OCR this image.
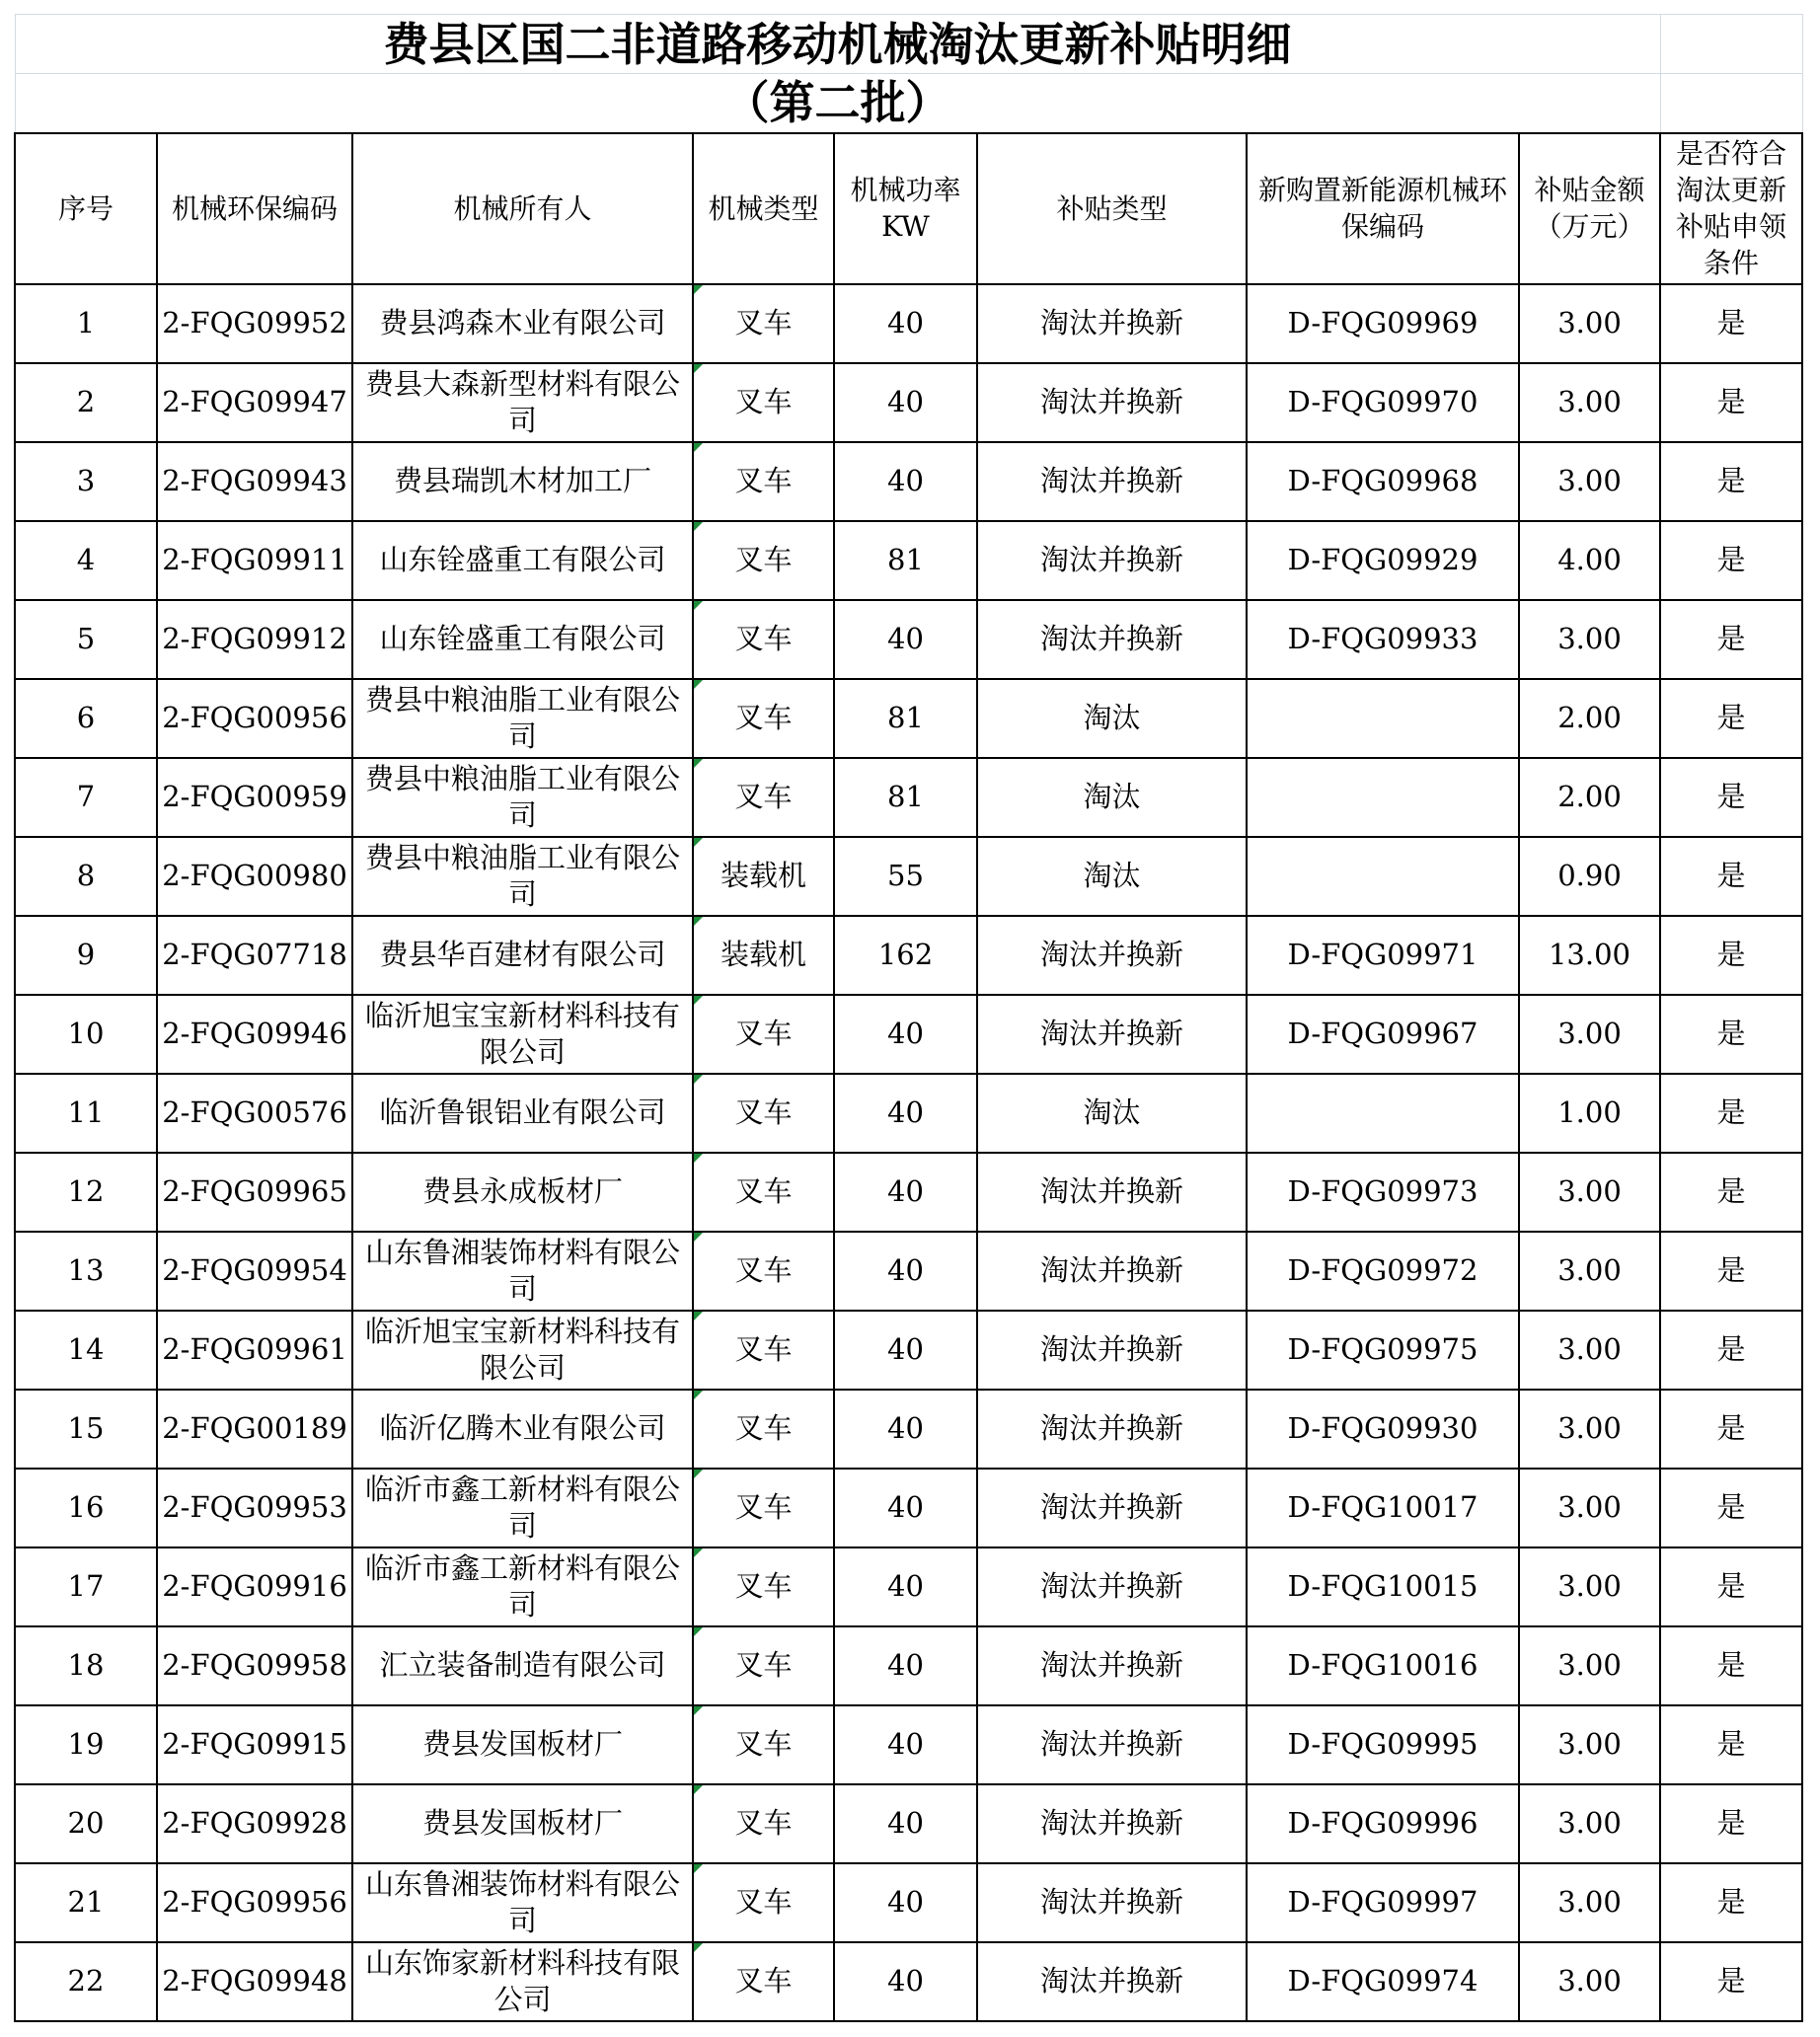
费县区国二非道路移动机械淘汰更新补贴明细								
（第二批）								
序号	机械环保编码	机械所有人	机械类型	机械功率KW	补贴类型	新购置新能源机械环保编码	补贴金额（万元）	是否符合淘汰更新补贴申领条件
1	2-FQG09952	费县鸿森木业有限公司	叉车	40	淘汰并换新	D-FQG09969	3.00	是
2	2-FQG09947	费县大森新型材料有限公司	叉车	40	淘汰并换新	D-FQG09970	3.00	是
3	2-FQG09943	费县瑞凯木材加工厂	叉车	40	淘汰并换新	D-FQG09968	3.00	是
4	2-FQG09911	山东铨盛重工有限公司	叉车	81	淘汰并换新	D-FQG09929	4.00	是
5	2-FQG09912	山东铨盛重工有限公司	叉车	40	淘汰并换新	D-FQG09933	3.00	是
6	2-FQG00956	费县中粮油脂工业有限公司	叉车	81	淘汰		2.00	是
7	2-FQG00959	费县中粮油脂工业有限公司	叉车	81	淘汰		2.00	是
8	2-FQG00980	费县中粮油脂工业有限公司	装载机	55	淘汰		0.90	是
9	2-FQG07718	费县华百建材有限公司	装载机	162	淘汰并换新	D-FQG09971	13.00	是
10	2-FQG09946	临沂旭宝宝新材料科技有限公司	叉车	40	淘汰并换新	D-FQG09967	3.00	是
11	2-FQG00576	临沂鲁银铝业有限公司	叉车	40	淘汰		1.00	是
12	2-FQG09965	费县永成板材厂	叉车	40	淘汰并换新	D-FQG09973	3.00	是
13	2-FQG09954	山东鲁湘装饰材料有限公司	叉车	40	淘汰并换新	D-FQG09972	3.00	是
14	2-FQG09961	临沂旭宝宝新材料科技有限公司	叉车	40	淘汰并换新	D-FQG09975	3.00	是
15	2-FQG00189	临沂亿腾木业有限公司	叉车	40	淘汰并换新	D-FQG09930	3.00	是
16	2-FQG09953	临沂市鑫工新材料有限公司	叉车	40	淘汰并换新	D-FQG10017	3.00	是
17	2-FQG09916	临沂市鑫工新材料有限公司	叉车	40	淘汰并换新	D-FQG10015	3.00	是
18	2-FQG09958	汇立装备制造有限公司	叉车	40	淘汰并换新	D-FQG10016	3.00	是
19	2-FQG09915	费县发国板材厂	叉车	40	淘汰并换新	D-FQG09995	3.00	是
20	2-FQG09928	费县发国板材厂	叉车	40	淘汰并换新	D-FQG09996	3.00	是
21	2-FQG09956	山东鲁湘装饰材料有限公司	叉车	40	淘汰并换新	D-FQG09997	3.00	是
22	2-FQG09948	山东饰家新材料科技有限公司	叉车	40	淘汰并换新	D-FQG09974	3.00	是
